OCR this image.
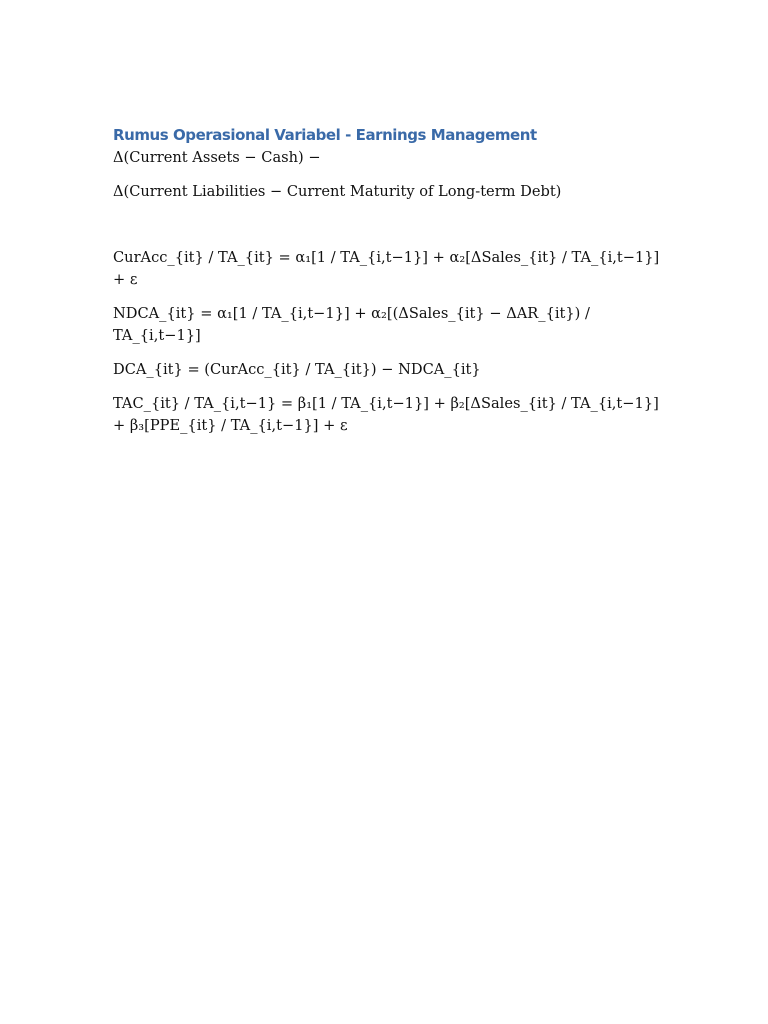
Rumus Operasional Variabel - Earnings Management

Δ(Current Assets − Cash) −

Δ(Current Liabilities − Current Maturity of Long-term Debt)

CurAcc_{it} / TA_{it} = α₁[1 / TA_{i,t−1}] + α₂[ΔSales_{it} / TA_{i,t−1}]
+ ε
NDCA_{it} = α₁[1 / TA_{i,t−1}] + α₂[(ΔSales_{it} − ΔAR_{it}) /
TA_{i,t−1}]
DCA_{it} = (CurAcc_{it} / TA_{it}) − NDCA_{it}
TAC_{it} / TA_{i,t−1} = β₁[1 / TA_{i,t−1}] + β₂[ΔSales_{it} / TA_{i,t−1}]
+ β₃[PPE_{it} / TA_{i,t−1}] + ε
